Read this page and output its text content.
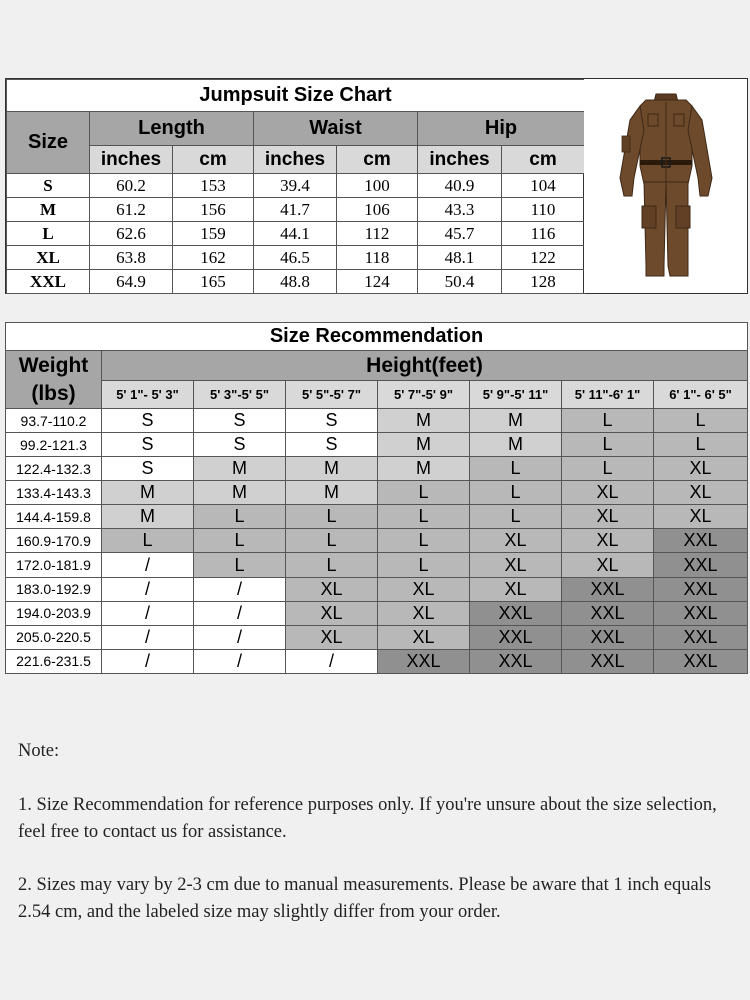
Jumpsuit Size Chart						
Size	Length		Waist		Hip	
	inches	cm	inches	cm	inches	cm
S	60.2	153	39.4	100	40.9	104
M	61.2	156	41.7	106	43.3	110
L	62.6	159	44.1	112	45.7	116
XL	63.8	162	46.5	118	48.1	122
XXL	64.9	165	48.8	124	50.4	128
Size Recommendation							
Weight
(lbs)	Height(feet)						
	5' 1"- 5' 3"	5' 3"-5' 5"	5' 5"-5' 7"	5' 7"-5' 9"	5' 9"-5' 11"	5' 11"-6' 1"	6' 1"- 6' 5"
93.7-110.2	S	S	S	M	M	L	L
99.2-121.3	S	S	S	M	M	L	L
122.4-132.3	S	M	M	M	L	L	XL
133.4-143.3	M	M	M	L	L	XL	XL
144.4-159.8	M	L	L	L	L	XL	XL
160.9-170.9	L	L	L	L	XL	XL	XXL
172.0-181.9	/	L	L	L	XL	XL	XXL
183.0-192.9	/	/	XL	XL	XL	XXL	XXL
194.0-203.9	/	/	XL	XL	XXL	XXL	XXL
205.0-220.5	/	/	XL	XL	XXL	XXL	XXL
221.6-231.5	/	/	/	XXL	XXL	XXL	XXL

Note:

1. Size Recommendation for reference purposes only. If you're unsure about the size selection, feel free to contact us for assistance.

2. Sizes may vary by 2-3 cm due to manual measurements. Please be aware that 1 inch equals 2.54 cm, and the labeled size may slightly differ from your order.
